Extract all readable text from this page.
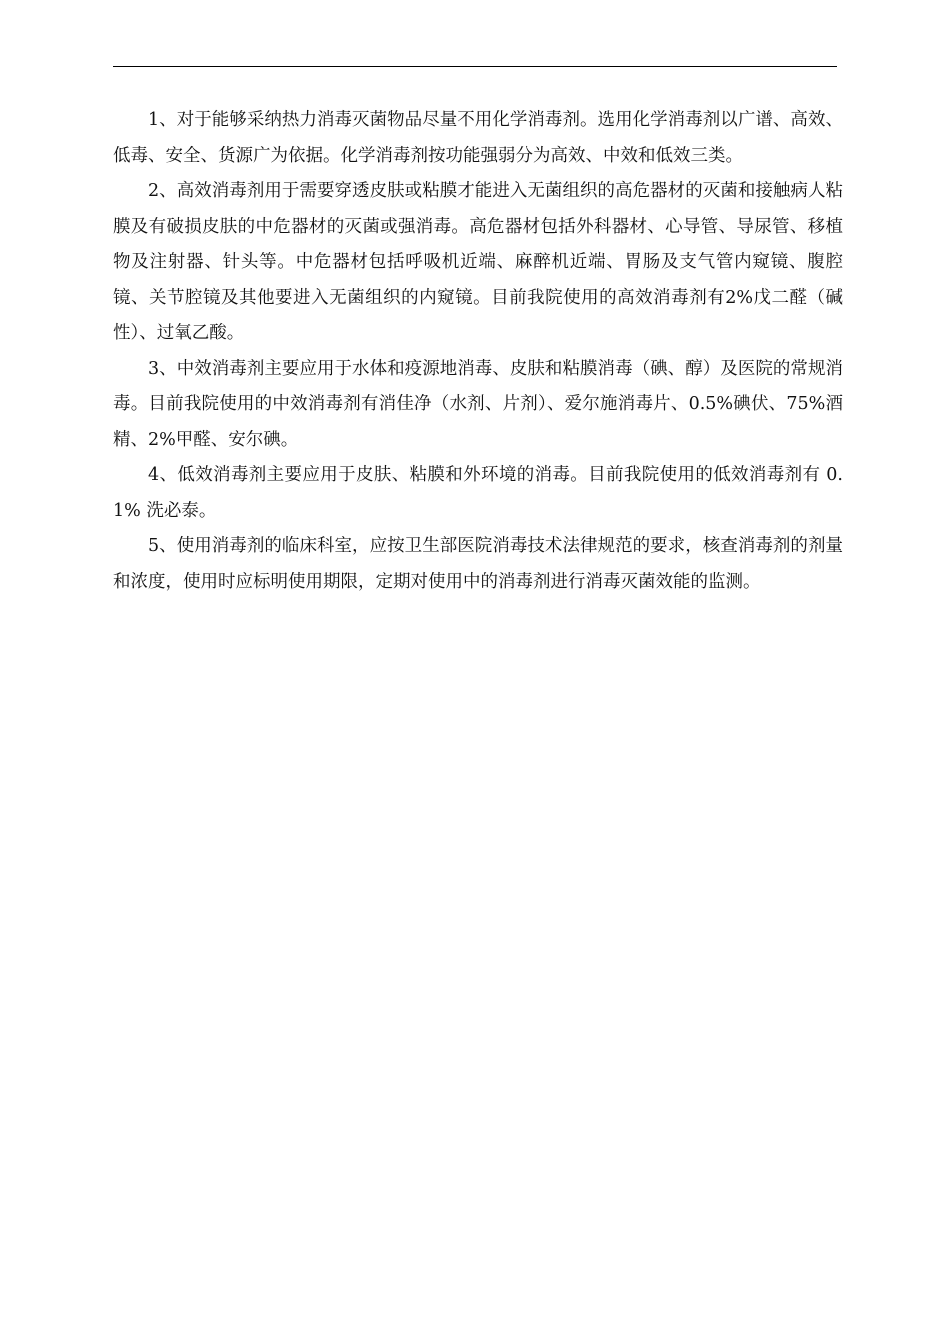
1、对于能够采纳热力消毒灭菌物品尽量不用化学消毒剂。选用化学消毒剂以广谱、高效、低毒、安全、货源广为依据。化学消毒剂按功能强弱分为高效、中效和低效三类。

2、高效消毒剂用于需要穿透皮肤或粘膜才能进入无菌组织的高危器材的灭菌和接触病人粘膜及有破损皮肤的中危器材的灭菌或强消毒。高危器材包括外科器材、心导管、导尿管、移植物及注射器、针头等。中危器材包括呼吸机近端、麻醉机近端、胃肠及支气管内窥镜、腹腔镜、关节腔镜及其他要进入无菌组织的内窥镜。目前我院使用的高效消毒剂有2%戊二醛（碱性）、过氧乙酸。

3、中效消毒剂主要应用于水体和疫源地消毒、皮肤和粘膜消毒（碘、醇）及医院的常规消毒。目前我院使用的中效消毒剂有消佳净（水剂、片剂）、爱尔施消毒片、0.5%碘伏、75%酒精、2%甲醛、安尔碘。

4、低效消毒剂主要应用于皮肤、粘膜和外环境的消毒。目前我院使用的低效消毒剂有 0.1% 洗必泰。

5、使用消毒剂的临床科室，应按卫生部医院消毒技术法律规范的要求，核查消毒剂的剂量和浓度，使用时应标明使用期限，定期对使用中的消毒剂进行消毒灭菌效能的监测。
